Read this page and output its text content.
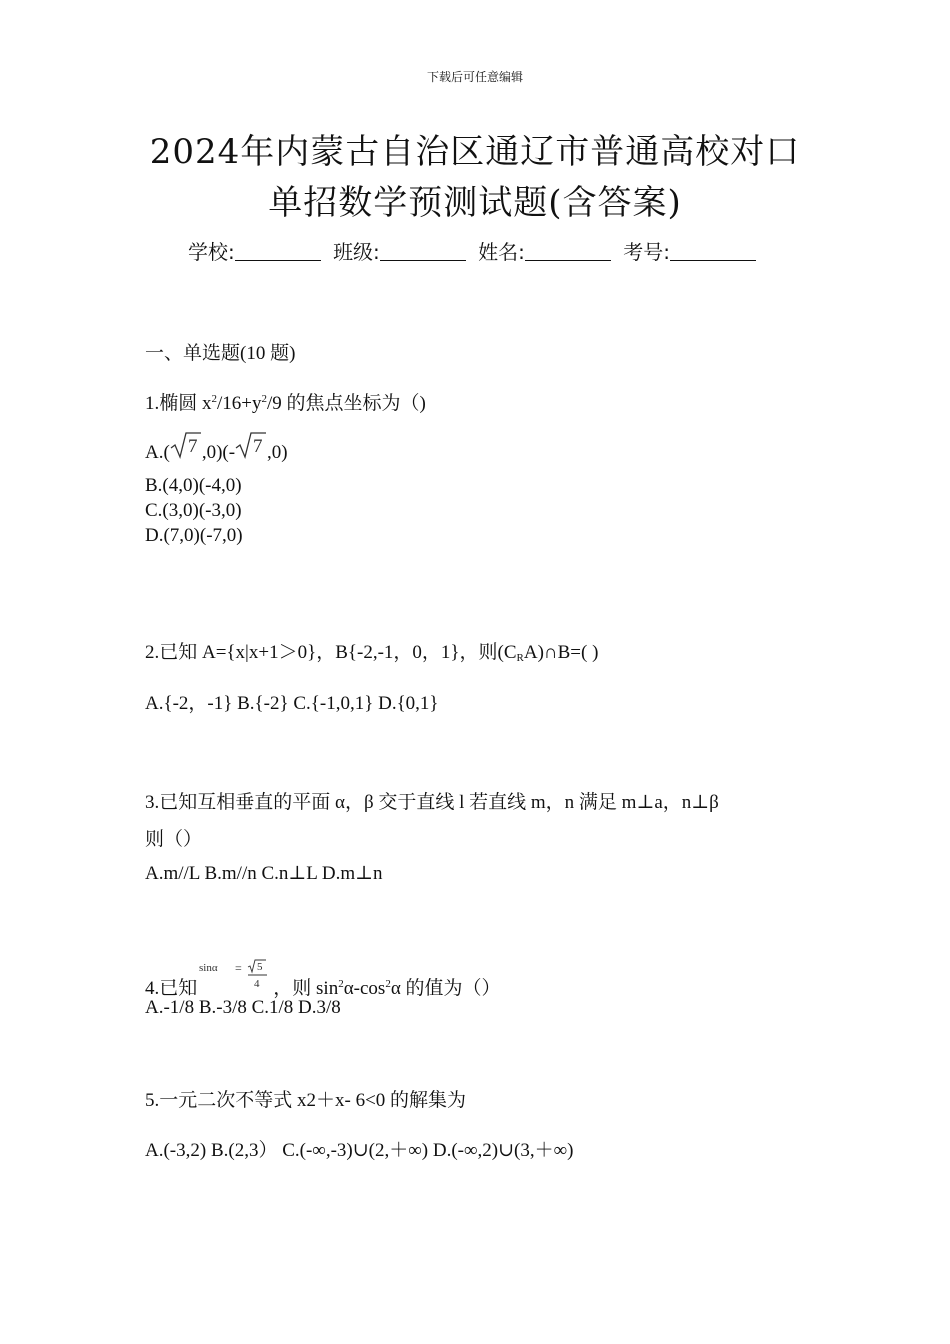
下载后可任意编辑
2024年内蒙古自治区通辽市普通高校对口
单招数学预测试题(含答案)
学校:	班级:	姓名:	考号:
一、单选题(10 题)
1.椭圆 $x^2/16+y^2/9$ 的焦点坐标为（)
A.( 7 ,0)(- 7 ,0)
B.(4,0)(-4,0)
C.(3,0)(-3,0)
D.(7,0)(-7,0)
2.已知 A={x|x+1＞0}，B{-2,-1，0，1}，则$(C_RA)\cap B=$( )
A.{-2，-1} B.{-2} C.{-1,0,1} D.{0,1}
3.已知互相垂直的平面 α，β 交于直线 l 若直线 m，n 满足 m⊥a，n⊥β
则（）
A.m//L B.m//n C.n⊥L D.m⊥n
4.已知
sinα = 5
4 ，则 $\sin^2\alpha-\cos^2\alpha$ 的值为（）
A.-1/8 B.-3/8 C.1/8 D.3/8
5.一元二次不等式 x2＋x- 6<0 的解集为
A.(-3,2) B.(2,3） C.(-∞,-3)∪(2,＋∞) D.(-∞,2)∪(3,＋∞)
